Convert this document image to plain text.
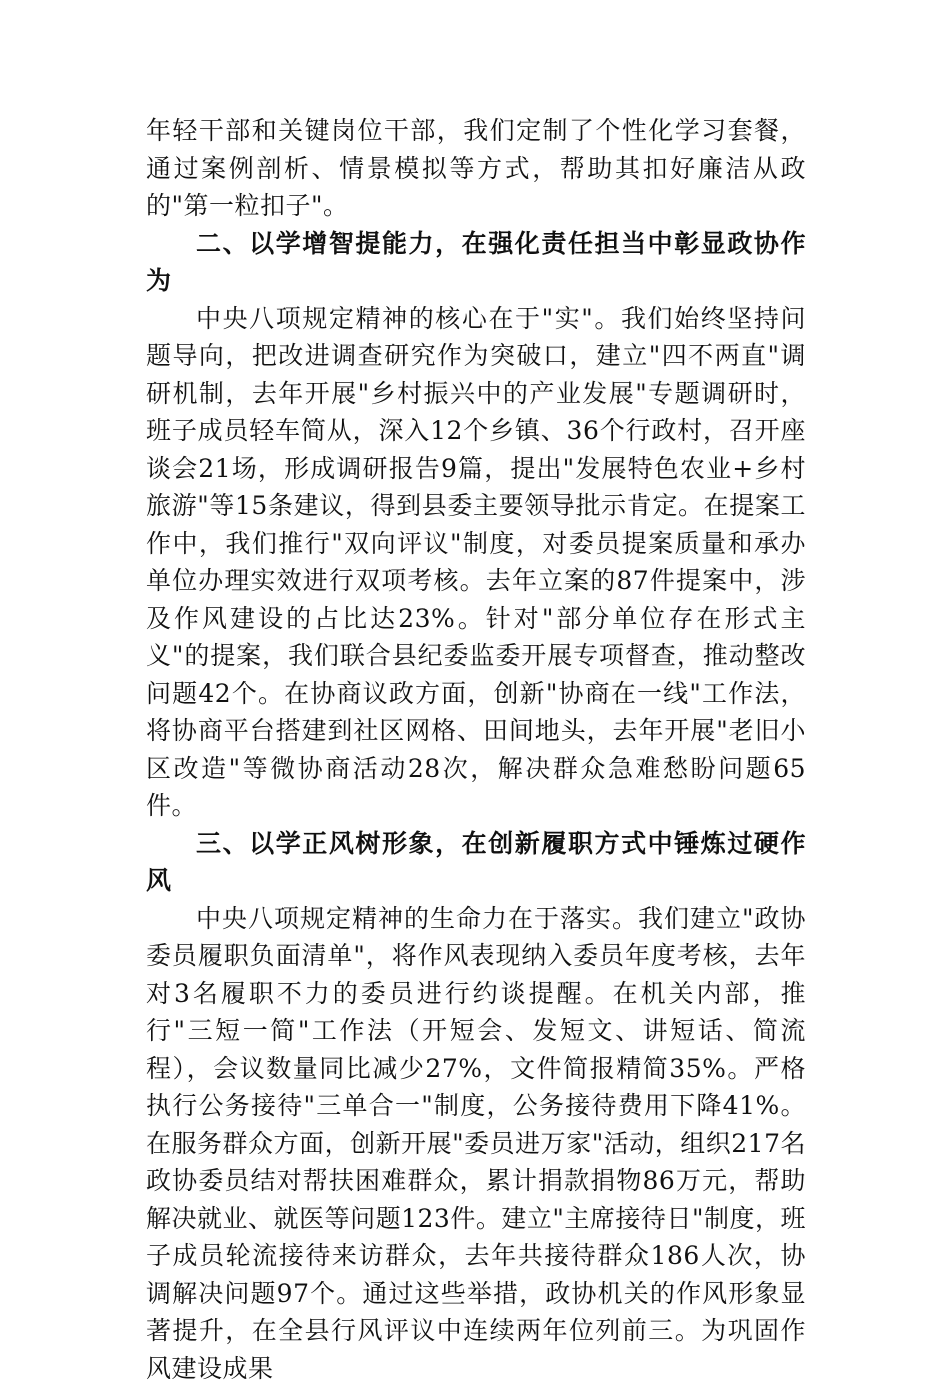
年轻干部和关键岗位干部，我们定制了个性化学习套餐，通过案例剖析、情景模拟等方式，帮助其扣好廉洁从政的"第一粒扣子"。

二、以学增智提能力，在强化责任担当中彰显政协作为

中央八项规定精神的核心在于"实"。我们始终坚持问题导向，把改进调查研究作为突破口，建立"四不两直"调研机制，去年开展"乡村振兴中的产业发展"专题调研时，班子成员轻车简从，深入12个乡镇、36个行政村，召开座谈会21场，形成调研报告9篇，提出"发展特色农业+乡村旅游"等15条建议，得到县委主要领导批示肯定。在提案工作中，我们推行"双向评议"制度，对委员提案质量和承办单位办理实效进行双项考核。去年立案的87件提案中，涉及作风建设的占比达23%。针对"部分单位存在形式主义"的提案，我们联合县纪委监委开展专项督查，推动整改问题42个。在协商议政方面，创新"协商在一线"工作法，将协商平台搭建到社区网格、田间地头，去年开展"老旧小区改造"等微协商活动28次，解决群众急难愁盼问题65件。

三、以学正风树形象，在创新履职方式中锤炼过硬作风

中央八项规定精神的生命力在于落实。我们建立"政协委员履职负面清单"，将作风表现纳入委员年度考核，去年对3名履职不力的委员进行约谈提醒。在机关内部，推行"三短一简"工作法（开短会、发短文、讲短话、简流程），会议数量同比减少27%，文件简报精简35%。严格执行公务接待"三单合一"制度，公务接待费用下降41%。在服务群众方面，创新开展"委员进万家"活动，组织217名政协委员结对帮扶困难群众，累计捐款捐物86万元，帮助解决就业、就医等问题123件。建立"主席接待日"制度，班子成员轮流接待来访群众，去年共接待群众186人次，协调解决问题97个。通过这些举措，政协机关的作风形象显著提升，在全县行风评议中连续两年位列前三。为巩固作风建设成果
